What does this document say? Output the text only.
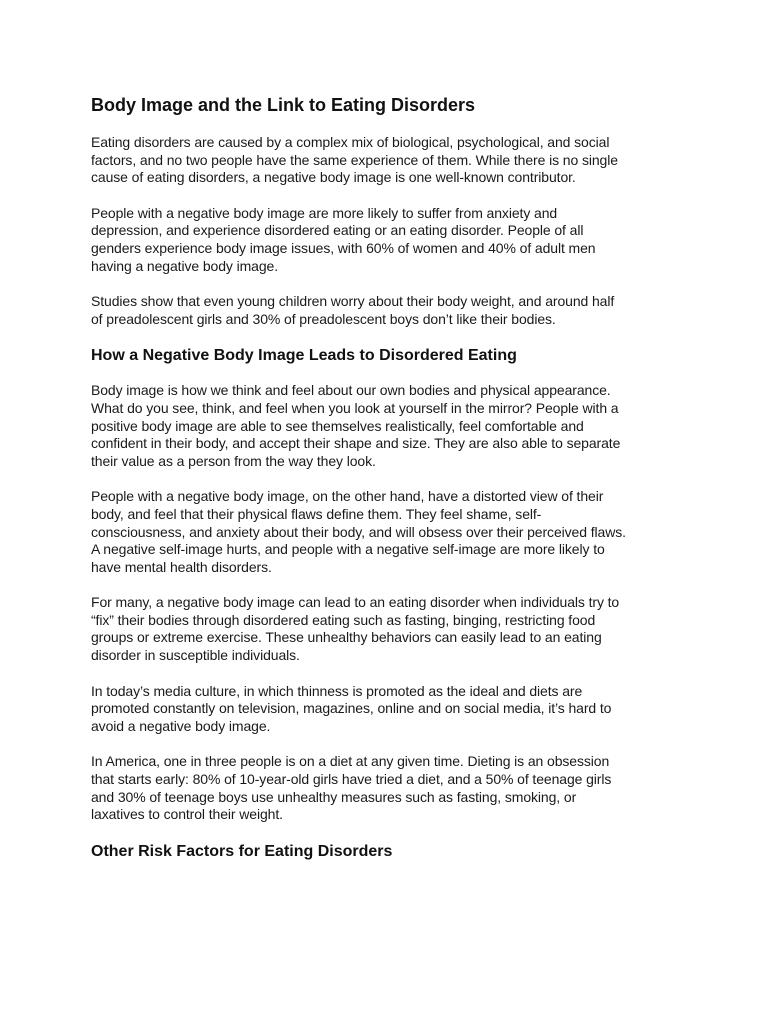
Body Image and the Link to Eating Disorders

Eating disorders are caused by a complex mix of biological, psychological, and social
factors, and no two people have the same experience of them. While there is no single
cause of eating disorders, a negative body image is one well-known contributor.

People with a negative body image are more likely to suffer from anxiety and
depression, and experience disordered eating or an eating disorder. People of all
genders experience body image issues, with 60% of women and 40% of adult men
having a negative body image.

Studies show that even young children worry about their body weight, and around half
of preadolescent girls and 30% of preadolescent boys don’t like their bodies.

How a Negative Body Image Leads to Disordered Eating

Body image is how we think and feel about our own bodies and physical appearance.
What do you see, think, and feel when you look at yourself in the mirror? People with a
positive body image are able to see themselves realistically, feel comfortable and
confident in their body, and accept their shape and size. They are also able to separate
their value as a person from the way they look.

People with a negative body image, on the other hand, have a distorted view of their
body, and feel that their physical flaws define them. They feel shame, self-
consciousness, and anxiety about their body, and will obsess over their perceived flaws.
A negative self-image hurts, and people with a negative self-image are more likely to
have mental health disorders.

For many, a negative body image can lead to an eating disorder when individuals try to
“fix” their bodies through disordered eating such as fasting, binging, restricting food
groups or extreme exercise. These unhealthy behaviors can easily lead to an eating
disorder in susceptible individuals.

In today’s media culture, in which thinness is promoted as the ideal and diets are
promoted constantly on television, magazines, online and on social media, it’s hard to
avoid a negative body image.

In America, one in three people is on a diet at any given time. Dieting is an obsession
that starts early: 80% of 10-year-old girls have tried a diet, and a 50% of teenage girls
and 30% of teenage boys use unhealthy measures such as fasting, smoking, or
laxatives to control their weight.

Other Risk Factors for Eating Disorders
